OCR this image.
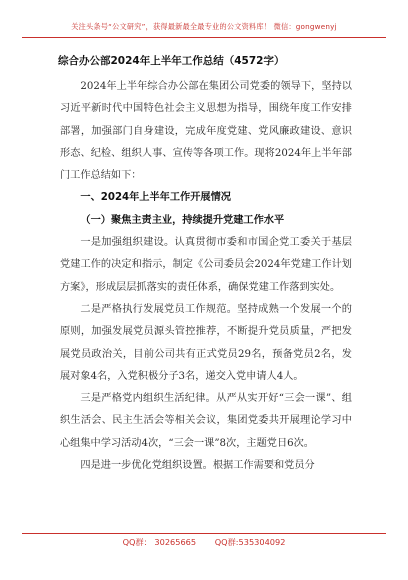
关注头条号“公文研究”，获得最新最全最专业的公文资料库！ 微信：gongwenyj
综合办公部2024年上半年工作总结（4572字）

2024年上半年综合办公部在集团公司党委的领导下，坚持以习近平新时代中国特色社会主义思想为指导，围绕年度工作安排部署，加强部门自身建设，完成年度党建、党风廉政建设、意识形态、纪检、组织人事、宣传等各项工作。现将2024年上半年部门工作总结如下：

一、2024年上半年工作开展情况

（一）聚焦主责主业，持续提升党建工作水平

一是加强组织建设。认真贯彻市委和市国企党工委关于基层党建工作的决定和指示，制定《公司委员会2024年党建工作计划方案》，形成层层抓落实的责任体系，确保党建工作落到实处。

二是严格执行发展党员工作规范。坚持成熟一个发展一个的原则，加强发展党员源头管控推荐，不断提升党员质量，严把发展党员政治关，目前公司共有正式党员29名，预备党员2名，发展对象4名，入党积极分子3名，递交入党申请人4人。

三是严格党内组织生活纪律。从严从实开好“三会一课”、组织生活会、民主生活会等相关会议，集团党委共开展理论学习中心组集中学习活动4次，“三会一课”8次，主题党日6次。

四是进一步优化党组织设置。根据工作需要和党员分

QQ群： 30265665 QQ群:535304092
